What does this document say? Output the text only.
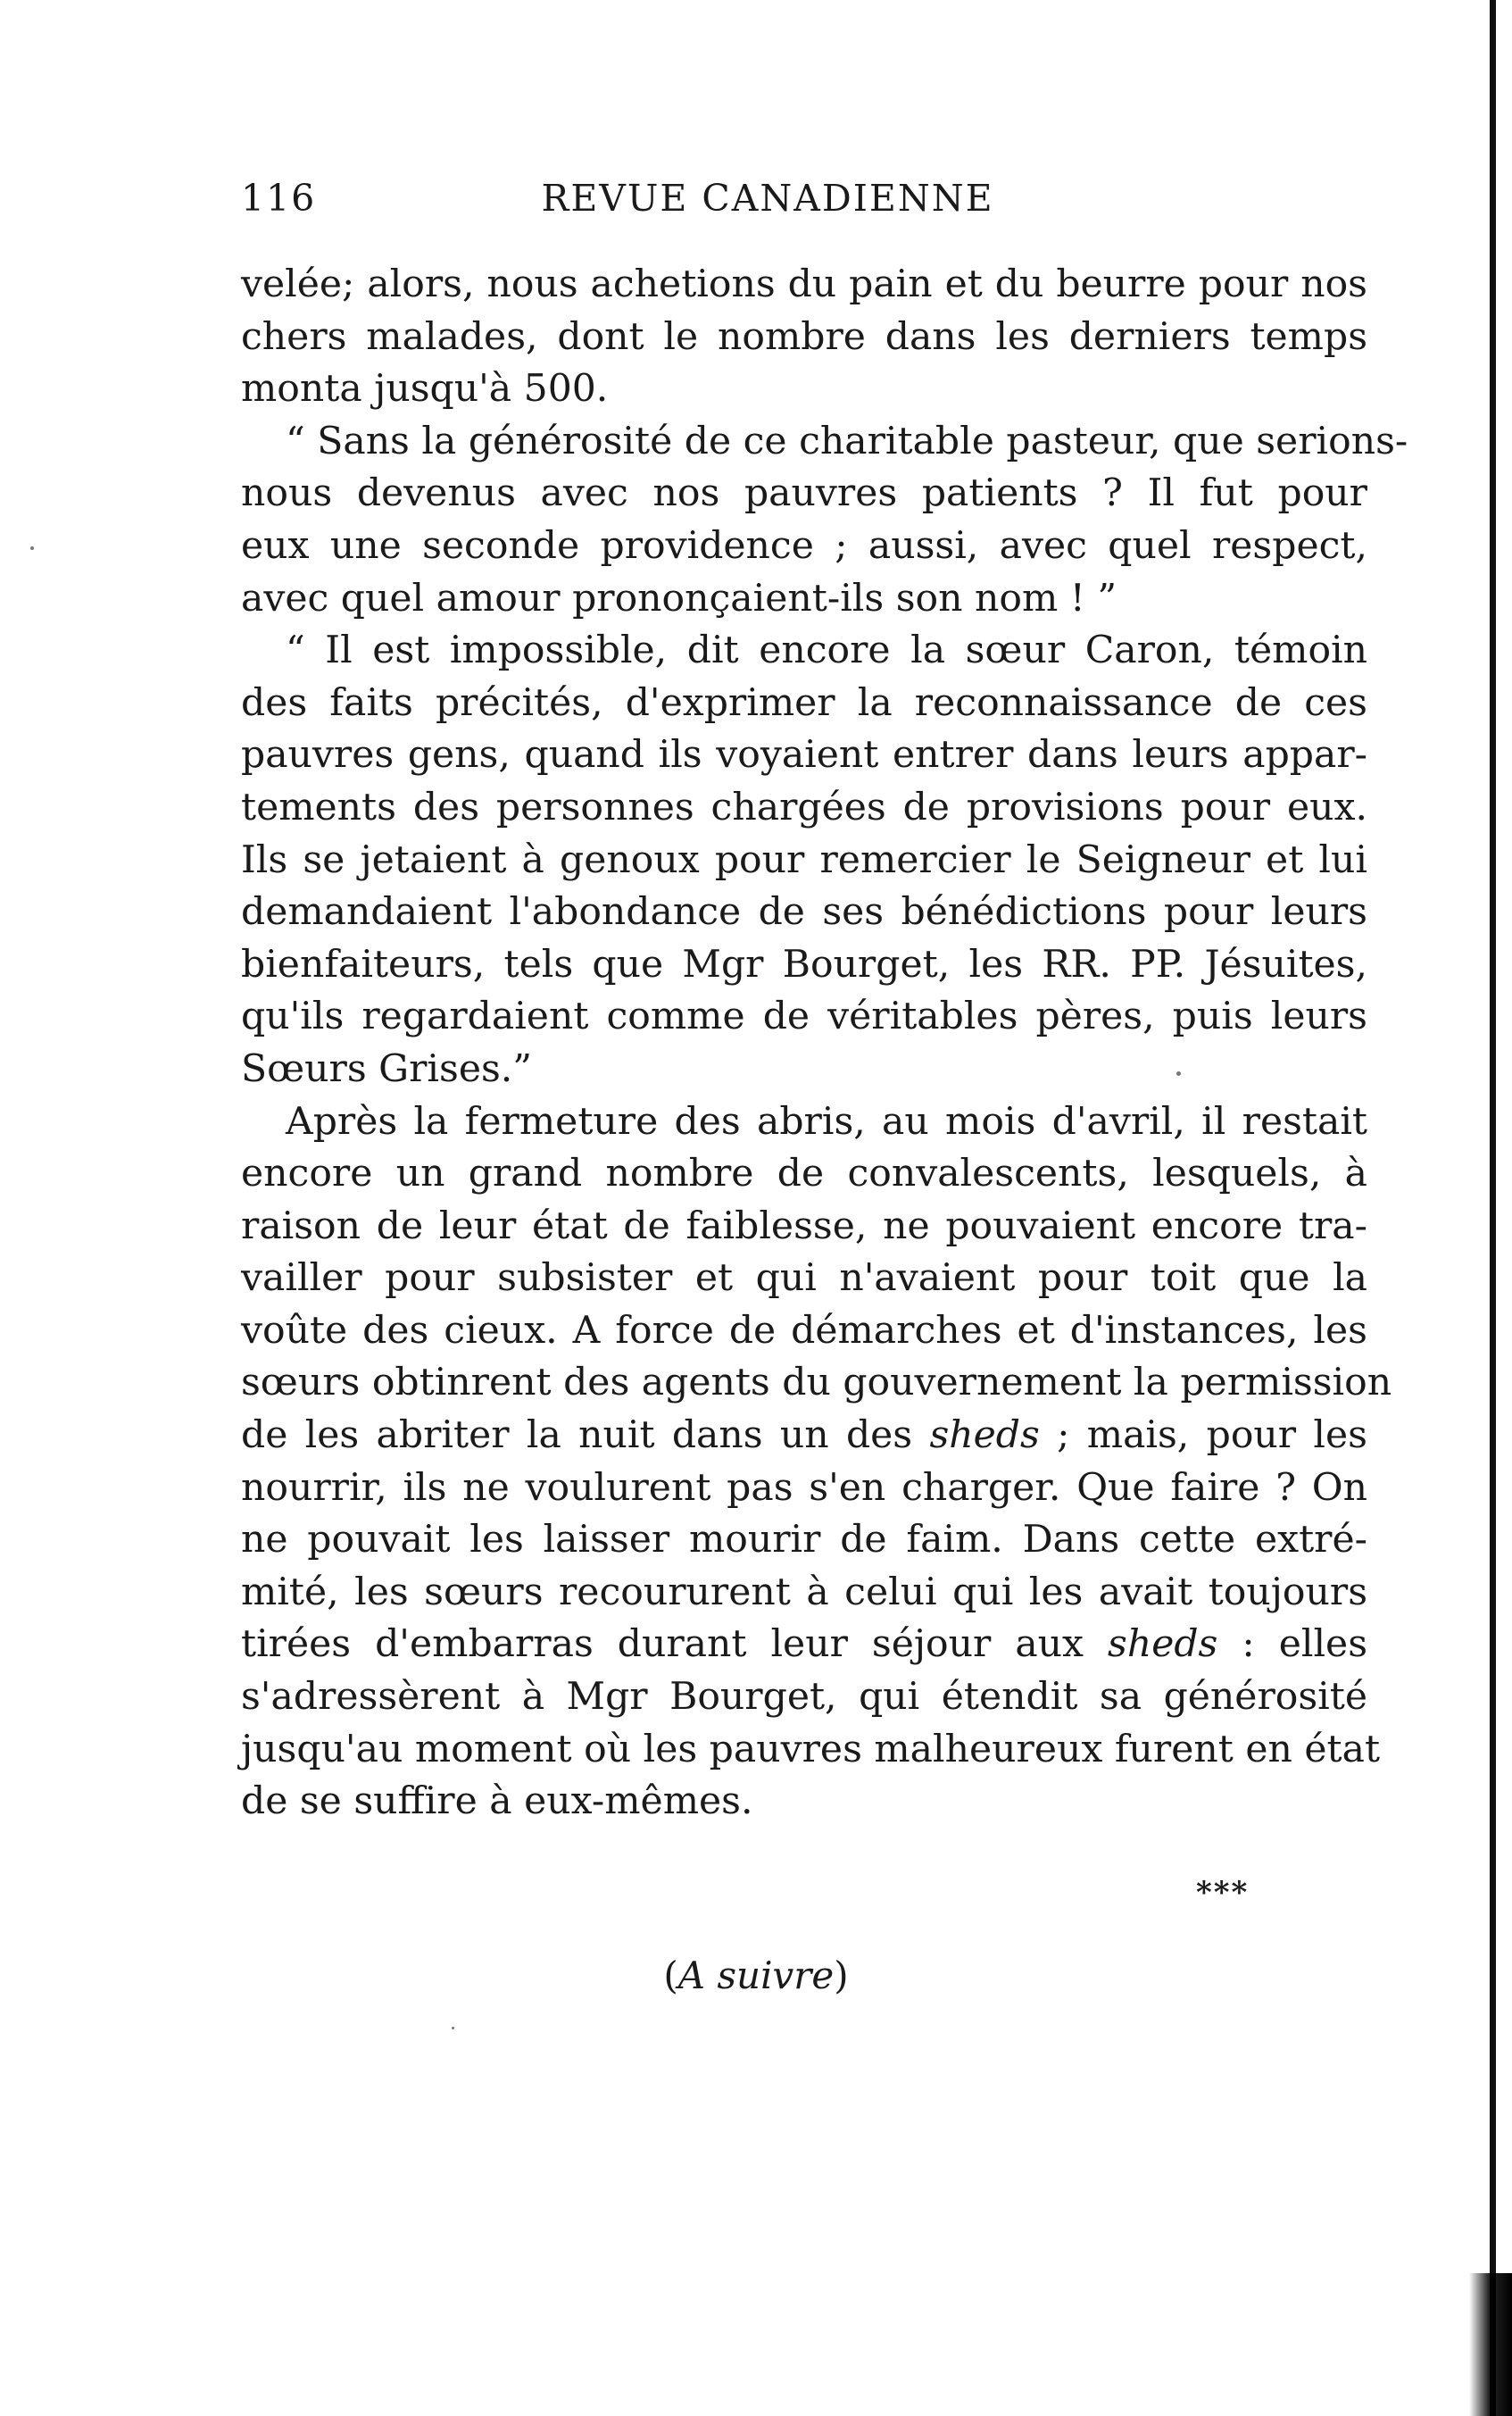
116	REVUE CANADIENNE
velée; alors, nous achetions du pain et du beurre pour nos
chers malades, dont le nombre dans les derniers temps
monta jusqu'à 500.
“ Sans la générosité de ce charitable pasteur, que serions-
nous devenus avec nos pauvres patients ? Il fut pour
eux une seconde providence ; aussi, avec quel respect,
avec quel amour prononçaient-ils son nom ! ”
“ Il est impossible, dit encore la sœur Caron, témoin
des faits précités, d'exprimer la reconnaissance de ces
pauvres gens, quand ils voyaient entrer dans leurs appar-
tements des personnes chargées de provisions pour eux.
Ils se jetaient à genoux pour remercier le Seigneur et lui
demandaient l'abondance de ses bénédictions pour leurs
bienfaiteurs, tels que Mgr Bourget, les RR. PP. Jésuites,
qu'ils regardaient comme de véritables pères, puis leurs
Sœurs Grises.”
Après la fermeture des abris, au mois d'avril, il restait
encore un grand nombre de convalescents, lesquels, à
raison de leur état de faiblesse, ne pouvaient encore tra-
vailler pour subsister et qui n'avaient pour toit que la
voûte des cieux. A force de démarches et d'instances, les
sœurs obtinrent des agents du gouvernement la permission
de les abriter la nuit dans un des sheds ; mais, pour les
nourrir, ils ne voulurent pas s'en charger. Que faire ? On
ne pouvait les laisser mourir de faim. Dans cette extré-
mité, les sœurs recoururent à celui qui les avait toujours
tirées d'embarras durant leur séjour aux sheds : elles
s'adressèrent à Mgr Bourget, qui étendit sa générosité
jusqu'au moment où les pauvres malheureux furent en état
de se suffire à eux-mêmes.
***
(A suivre)
